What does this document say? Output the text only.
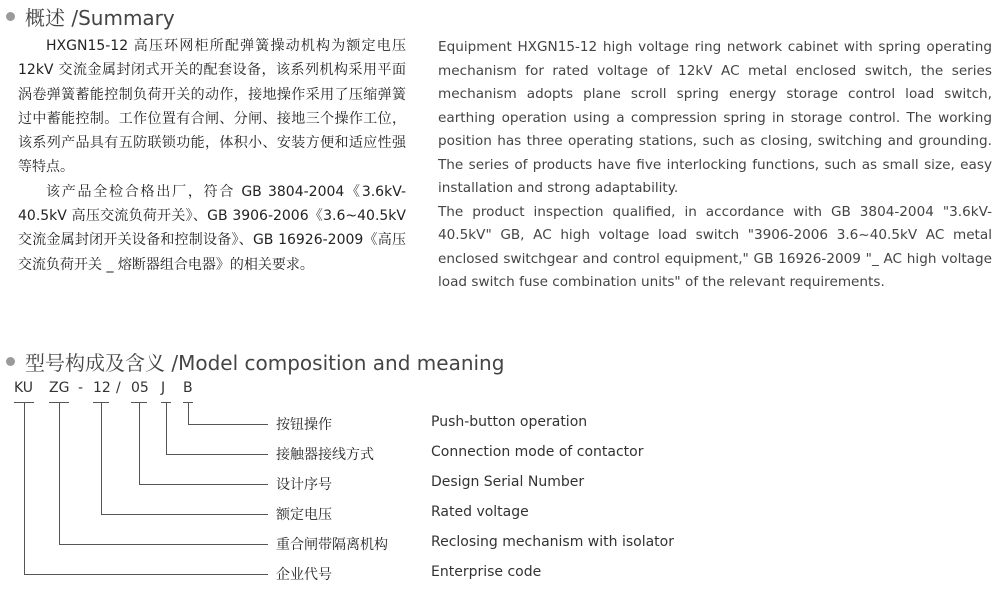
概述 /Summary

HXGN15-12 高压环网柜所配弹簧操动机构为额定电压 12kV 交流金属封闭式开关的配套设备，该系列机构采用平面涡卷弹簧蓄能控制负荷开关的动作，接地操作采用了压缩弹簧过中蓄能控制。工作位置有合闸、分闸、接地三个操作工位，该系列产品具有五防联锁功能，体积小、安装方便和适应性强等特点。

该产品全检合格出厂，符合 GB 3804-2004《3.6kV-40.5kV 高压交流负荷开关》、GB 3906-2006《3.6~40.5kV 交流金属封闭开关设备和控制设备》、GB 16926-2009《高压交流负荷开关 _ 熔断器组合电器》的相关要求。

Equipment HXGN15-12 high voltage ring network cabinet with spring operating mechanism for rated voltage of 12kV AC metal enclosed switch, the series mechanism adopts plane scroll spring energy storage control load switch, earthing operation using a compression spring in storage control. The working position has three operating stations, such as closing, switching and grounding. The series of products have five interlocking functions, such as small size, easy installation and strong adaptability.

The product inspection qualified, in accordance with GB 3804-2004 "3.6kV-40.5kV" GB, AC high voltage load switch "3906-2006 3.6~40.5kV AC metal enclosed switchgear and control equipment," GB 16926-2009 "_ AC high voltage load switch fuse combination units" of the relevant requirements.

型号构成及含义 /Model composition and meaning
KU ZG - 12 / 05 J B
按钮操作
接触器接线方式
设计序号
额定电压
重合闸带隔离机构
企业代号
Push-button operation
Connection mode of contactor
Design Serial Number
Rated voltage
Reclosing mechanism with isolator
Enterprise code
